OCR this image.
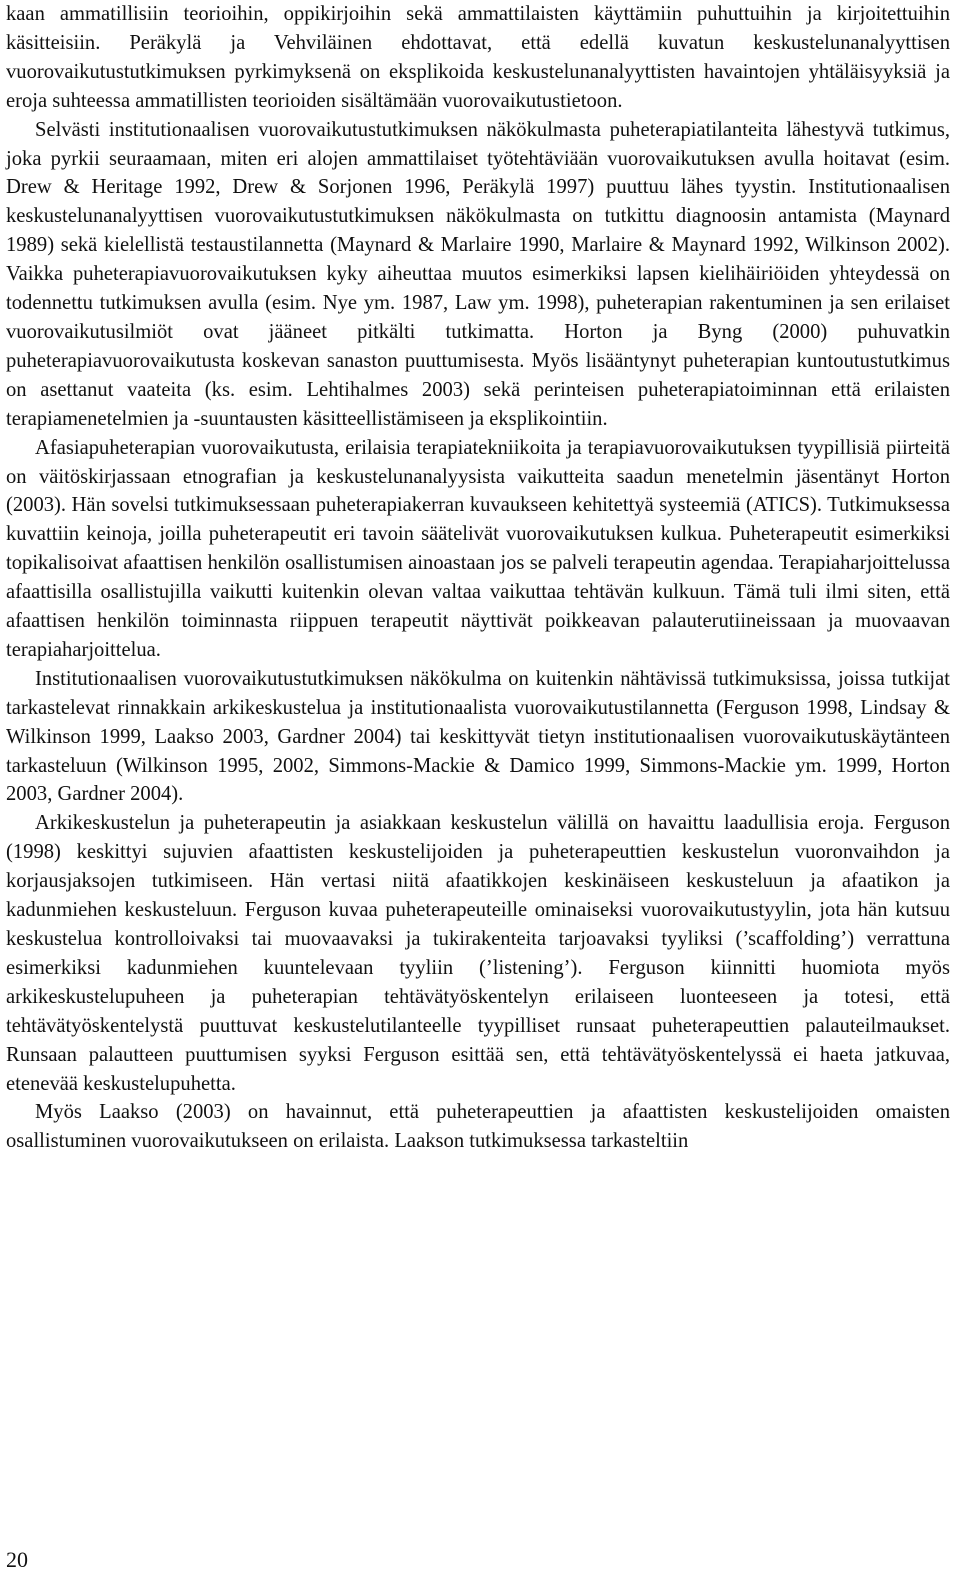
kaan ammatillisiin teorioihin, oppikirjoihin sekä ammattilaisten käyttämiin puhuttuihin ja kirjoitettuihin käsitteisiin. Peräkylä ja Vehviläinen ehdottavat, että edellä kuvatun keskustelunanalyyttisen vuorovaikutustutkimuksen pyrkimyksenä on eksplikoida keskustelunanalyyttisten havaintojen yhtäläisyyksiä ja eroja suhteessa ammatillisten teorioiden sisältämään vuorovaikutustietoon.

Selvästi institutionaalisen vuorovaikutustutkimuksen näkökulmasta puheterapiatilanteita lähestyvä tutkimus, joka pyrkii seuraamaan, miten eri alojen ammattilaiset työtehtäviään vuorovaikutuksen avulla hoitavat (esim. Drew & Heritage 1992, Drew & Sorjonen 1996, Peräkylä 1997) puuttuu lähes tyystin. Institutionaalisen keskustelunanalyyttisen vuorovaikutustutkimuksen näkökulmasta on tutkittu diagnoosin antamista (Maynard 1989) sekä kielellistä testaustilannetta (Maynard & Marlaire 1990, Marlaire & Maynard 1992, Wilkinson 2002). Vaikka puheterapiavuorovaikutuksen kyky aiheuttaa muutos esimerkiksi lapsen kielihäiriöiden yhteydessä on todennettu tutkimuksen avulla (esim. Nye ym. 1987, Law ym. 1998), puheterapian rakentuminen ja sen erilaiset vuorovaikutusilmiöt ovat jääneet pitkälti tutkimatta. Horton ja Byng (2000) puhuvatkin puheterapiavuorovaikutusta koskevan sanaston puuttumisesta. Myös lisääntynyt puheterapian kuntoutustutkimus on asettanut vaateita (ks. esim. Lehtihalmes 2003) sekä perinteisen puheterapiatoiminnan että erilaisten terapiamenetelmien ja -suuntausten käsitteellistämiseen ja eksplikointiin.

Afasiapuheterapian vuorovaikutusta, erilaisia terapiatekniikoita ja terapiavuorovaikutuksen tyypillisiä piirteitä on väitöskirjassaan etnografian ja keskustelunanalyysista vaikutteita saadun menetelmin jäsentänyt Horton (2003). Hän sovelsi tutkimuksessaan puheterapiakerran kuvaukseen kehitettyä systeemiä (ATICS). Tutkimuksessa kuvattiin keinoja, joilla puheterapeutit eri tavoin säätelivät vuorovaikutuksen kulkua. Puheterapeutit esimerkiksi topikalisoivat afaattisen henkilön osallistumisen ainoastaan jos se palveli terapeutin agendaa. Terapiaharjoittelussa afaattisilla osallistujilla vaikutti kuitenkin olevan valtaa vaikuttaa tehtävän kulkuun. Tämä tuli ilmi siten, että afaattisen henkilön toiminnasta riippuen terapeutit näyttivät poikkeavan palauterutiineissaan ja muovaavan terapiaharjoittelua.

Institutionaalisen vuorovaikutustutkimuksen näkökulma on kuitenkin nähtävissä tutkimuksissa, joissa tutkijat tarkastelevat rinnakkain arkikeskustelua ja institutionaalista vuorovaikutustilannetta (Ferguson 1998, Lindsay & Wilkinson 1999, Laakso 2003, Gardner 2004) tai keskittyvät tietyn institutionaalisen vuorovaikutuskäytänteen tarkasteluun (Wilkinson 1995, 2002, Simmons-Mackie & Damico 1999, Simmons-Mackie ym. 1999, Horton 2003, Gardner 2004).

Arkikeskustelun ja puheterapeutin ja asiakkaan keskustelun välillä on havaittu laadullisia eroja. Ferguson (1998) keskittyi sujuvien afaattisten keskustelijoiden ja puheterapeuttien keskustelun vuoronvaihdon ja korjausjaksojen tutkimiseen. Hän vertasi niitä afaatikkojen keskinäiseen keskusteluun ja afaatikon ja kadunmiehen keskusteluun. Ferguson kuvaa puheterapeuteille ominaiseksi vuorovaikutustyylin, jota hän kutsuu keskustelua kontrolloivaksi tai muovaavaksi ja tukirakenteita tarjoavaksi tyyliksi (’scaffolding’) verrattuna esimerkiksi kadunmiehen kuuntelevaan tyyliin (’listening’). Ferguson kiinnitti huomiota myös arkikeskustelupuheen ja puheterapian tehtävätyöskentelyn erilaiseen luonteeseen ja totesi, että tehtävätyöskentelystä puuttuvat keskustelutilanteelle tyypilliset runsaat puheterapeuttien palauteilmaukset. Runsaan palautteen puuttumisen syyksi Ferguson esittää sen, että tehtävätyöskentelyssä ei haeta jatkuvaa, etenevää keskustelupuhetta.

Myös Laakso (2003) on havainnut, että puheterapeuttien ja afaattisten keskustelijoiden omaisten osallistuminen vuorovaikutukseen on erilaista. Laakson tutkimuksessa tarkasteltiin

20
